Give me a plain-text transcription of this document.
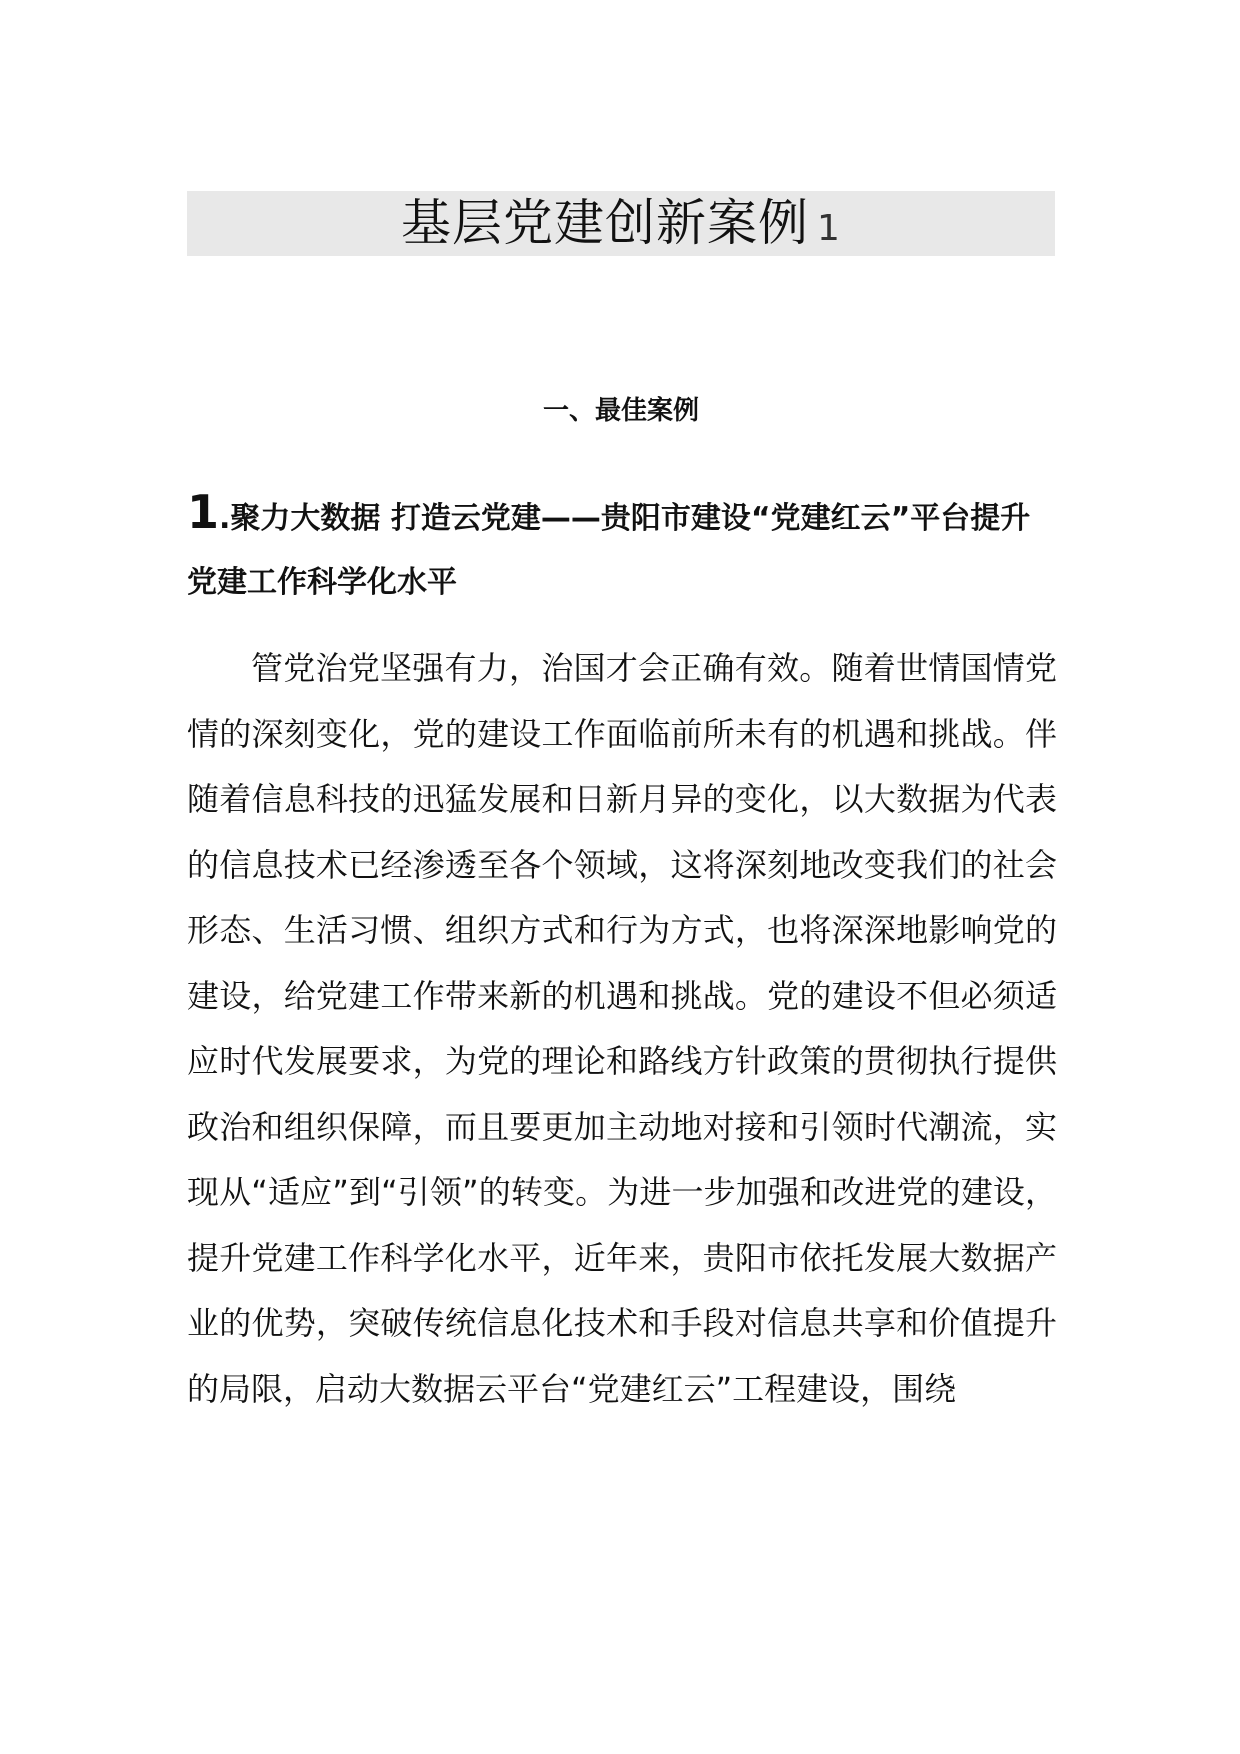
基层党建创新案例 1
一、最佳案例
1.聚力大数据 打造云党建——贵阳市建设“党建红云”平台提升党建工作科学化水平

管党治党坚强有力，治国才会正确有效。随着世情国情党情的深刻变化，党的建设工作面临前所未有的机遇和挑战。伴随着信息科技的迅猛发展和日新月异的变化，以大数据为代表的信息技术已经渗透至各个领域，这将深刻地改变我们的社会形态、生活习惯、组织方式和行为方式，也将深深地影响党的建设，给党建工作带来新的机遇和挑战。党的建设不但必须适应时代发展要求，为党的理论和路线方针政策的贯彻执行提供政治和组织保障，而且要更加主动地对接和引领时代潮流，实现从“适应”到“引领”的转变。为进一步加强和改进党的建设，提升党建工作科学化水平，近年来，贵阳市依托发展大数据产业的优势，突破传统信息化技术和手段对信息共享和价值提升的局限，启动大数据云平台“党建红云”工程建设，围绕
